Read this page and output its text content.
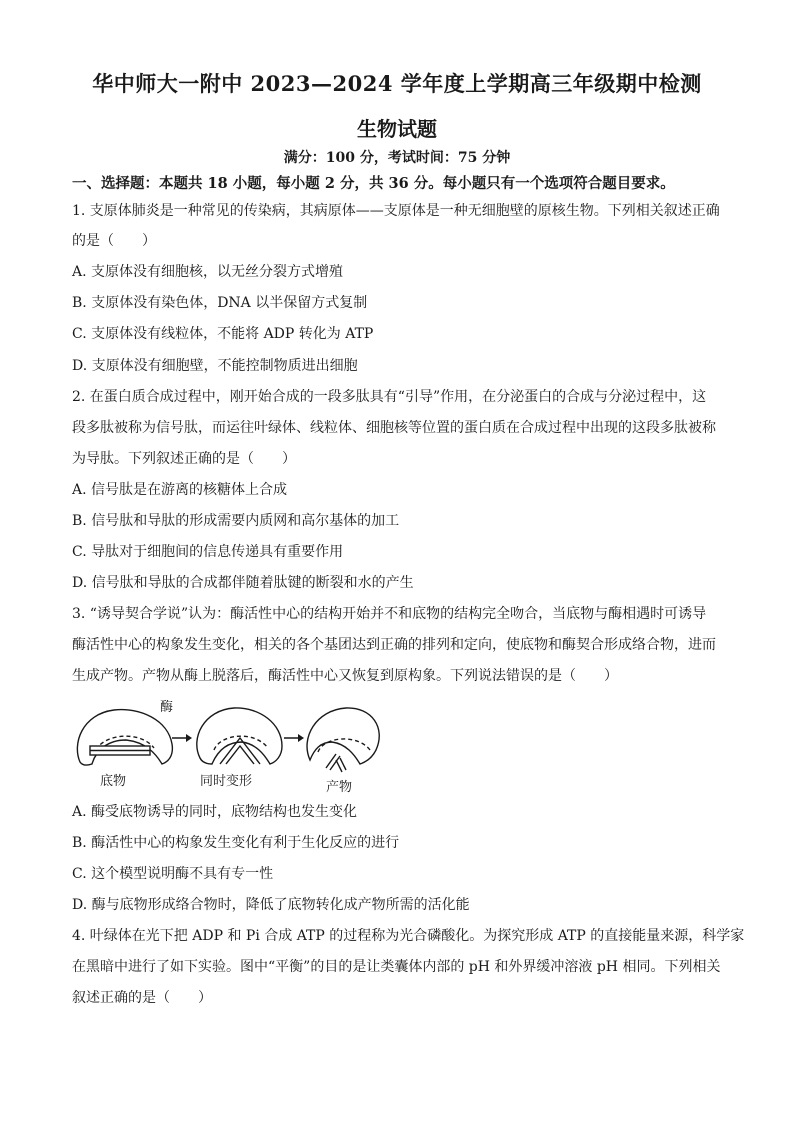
华中师大一附中 2023—2024 学年度上学期高三年级期中检测
生物试题
满分：100 分，考试时间：75 分钟
一、选择题：本题共 18 小题，每小题 2 分，共 36 分。每小题只有一个选项符合题目要求。
1. 支原体肺炎是一种常见的传染病，其病原体——支原体是一种无细胞壁的原核生物。下列相关叙述正确
的是（　　）
A. 支原体没有细胞核，以无丝分裂方式增殖
B. 支原体没有染色体，DNA 以半保留方式复制
C. 支原体没有线粒体，不能将 ADP 转化为 ATP
D. 支原体没有细胞壁，不能控制物质进出细胞
2. 在蛋白质合成过程中，刚开始合成的一段多肽具有“引导”作用，在分泌蛋白的合成与分泌过程中，这
段多肽被称为信号肽，而运往叶绿体、线粒体、细胞核等位置的蛋白质在合成过程中出现的这段多肽被称
为导肽。下列叙述正确的是（　　）
A. 信号肽是在游离的核糖体上合成
B. 信号肽和导肽的形成需要内质网和高尔基体的加工
C. 导肽对于细胞间的信息传递具有重要作用
D. 信号肽和导肽的合成都伴随着肽键的断裂和水的产生
3. “诱导契合学说”认为：酶活性中心的结构开始并不和底物的结构完全吻合，当底物与酶相遇时可诱导
酶活性中心的构象发生变化，相关的各个基团达到正确的排列和定向，使底物和酶契合形成络合物，进而
生成产物。产物从酶上脱落后，酶活性中心又恢复到原构象。下列说法错误的是（　　）
酶
底物	同时变形	产物
A. 酶受底物诱导的同时，底物结构也发生变化
B. 酶活性中心的构象发生变化有利于生化反应的进行
C. 这个模型说明酶不具有专一性
D. 酶与底物形成络合物时，降低了底物转化成产物所需的活化能
4. 叶绿体在光下把 ADP 和 Pi 合成 ATP 的过程称为光合磷酸化。为探究形成 ATP 的直接能量来源，科学家
在黑暗中进行了如下实验。图中“平衡”的目的是让类囊体内部的 pH 和外界缓冲溶液 pH 相同。下列相关
叙述正确的是（　　）
